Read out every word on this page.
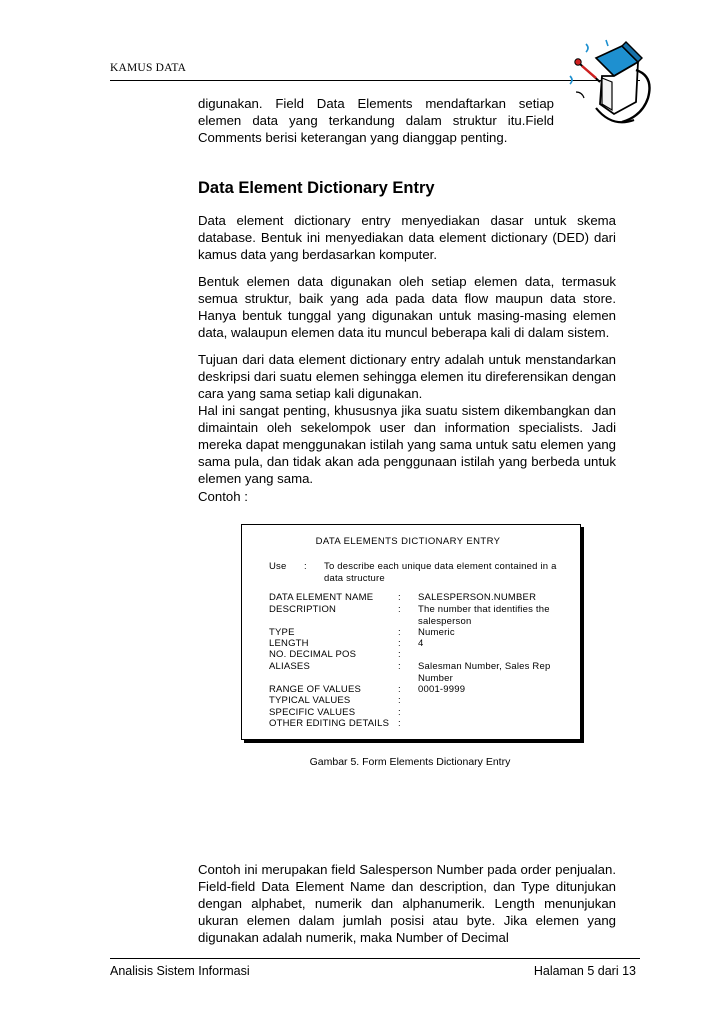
KAMUS DATA
digunakan. Field Data Elements mendaftarkan setiap elemen data yang terkandung dalam struktur itu.Field Comments berisi keterangan yang dianggap penting.
Data Element Dictionary Entry
Data element dictionary entry menyediakan dasar untuk skema database. Bentuk ini menyediakan data element dictionary (DED) dari kamus data yang berdasarkan komputer.
Bentuk elemen data digunakan oleh setiap elemen data, termasuk semua struktur, baik yang ada pada data flow maupun data store. Hanya bentuk tunggal yang digunakan untuk masing-masing elemen data, walaupun elemen data itu muncul beberapa kali di dalam sistem.
Tujuan dari data element dictionary entry adalah untuk menstandarkan deskripsi dari suatu elemen sehingga elemen itu direferensikan dengan cara yang sama setiap kali digunakan.
Hal ini sangat penting, khususnya jika suatu sistem dikembangkan dan dimaintain oleh sekelompok user dan information specialists. Jadi mereka dapat menggunakan istilah yang sama untuk satu elemen yang sama pula, dan tidak akan ada penggunaan istilah yang berbeda untuk elemen yang sama.
Contoh :
DATA ELEMENTS DICTIONARY ENTRY
Use : To describe each unique data element contained in a data structure
DATA ELEMENT NAME	: SALESPERSON.NUMBER
DESCRIPTION	: The number that identifies the salesperson
TYPE	: Numeric
LENGTH	: 4
NO. DECIMAL POS	:
ALIASES	: Salesman Number, Sales Rep Number
RANGE OF VALUES	: 0001-9999
TYPICAL VALUES	:
SPECIFIC VALUES	:
OTHER EDITING DETAILS :
Gambar 5. Form Elements Dictionary Entry
Contoh ini merupakan field Salesperson Number pada order penjualan. Field-field Data Element Name dan description, dan Type ditunjukan dengan alphabet, numerik dan alphanumerik. Length menunjukan ukuran elemen dalam jumlah posisi atau byte. Jika elemen yang digunakan adalah numerik, maka Number of Decimal
Analisis Sistem Informasi	Halaman 5 dari 13
